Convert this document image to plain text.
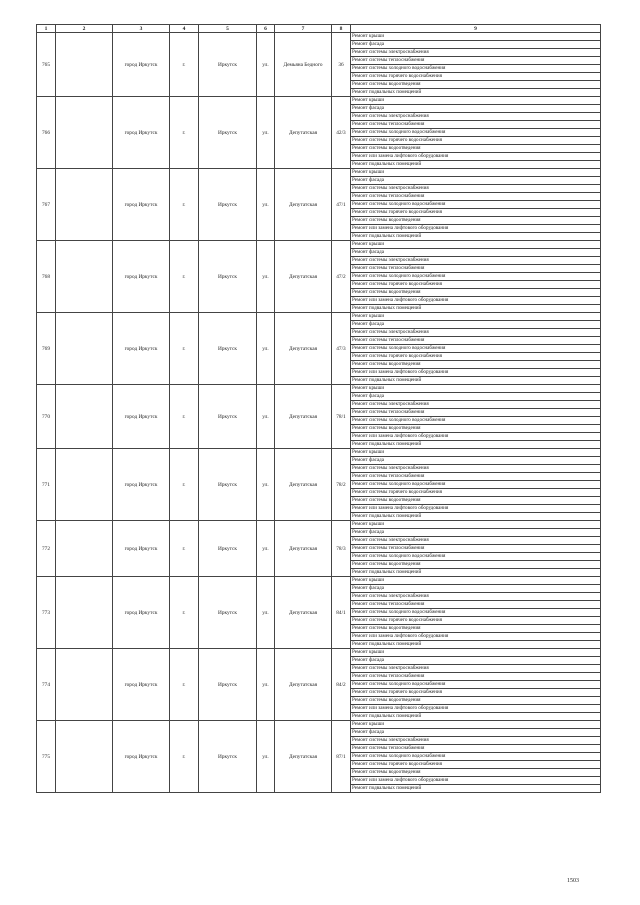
1	2	3	4	5	6	7	8	9
765		город Иркутск	г.	Иркутск	ул.	Демьяна Бедного	36	Ремонт крыши
								Ремонт фасада
								Ремонт системы электроснабжения
								Ремонт системы теплоснабжения
								Ремонт системы холодного водоснабжения
								Ремонт системы горячего водоснабжения
								Ремонт системы водоотведения
								Ремонт подвальных помещений
766		город Иркутск	г.	Иркутск	ул.	Депутатская	42/3	Ремонт крыши
								Ремонт фасада
								Ремонт системы электроснабжения
								Ремонт системы теплоснабжения
								Ремонт системы холодного водоснабжения
								Ремонт системы горячего водоснабжения
								Ремонт системы водоотведения
								Ремонт или замена лифтового оборудования
								Ремонт подвальных помещений
767		город Иркутск	г.	Иркутск	ул.	Депутатская	47/1	Ремонт крыши
								Ремонт фасада
								Ремонт системы электроснабжения
								Ремонт системы теплоснабжения
								Ремонт системы холодного водоснабжения
								Ремонт системы горячего водоснабжения
								Ремонт системы водоотведения
								Ремонт или замена лифтового оборудования
								Ремонт подвальных помещений
768		город Иркутск	г.	Иркутск	ул.	Депутатская	47/2	Ремонт крыши
								Ремонт фасада
								Ремонт системы электроснабжения
								Ремонт системы теплоснабжения
								Ремонт системы холодного водоснабжения
								Ремонт системы горячего водоснабжения
								Ремонт системы водоотведения
								Ремонт или замена лифтового оборудования
								Ремонт подвальных помещений
769		город Иркутск	г.	Иркутск	ул.	Депутатская	47/3	Ремонт крыши
								Ремонт фасада
								Ремонт системы электроснабжения
								Ремонт системы теплоснабжения
								Ремонт системы холодного водоснабжения
								Ремонт системы горячего водоснабжения
								Ремонт системы водоотведения
								Ремонт или замена лифтового оборудования
								Ремонт подвальных помещений
770		город Иркутск	г.	Иркутск	ул.	Депутатская	78/1	Ремонт крыши
								Ремонт фасада
								Ремонт системы электроснабжения
								Ремонт системы теплоснабжения
								Ремонт системы холодного водоснабжения
								Ремонт системы водоотведения
								Ремонт или замена лифтового оборудования
								Ремонт подвальных помещений
771		город Иркутск	г.	Иркутск	ул.	Депутатская	78/2	Ремонт крыши
								Ремонт фасада
								Ремонт системы электроснабжения
								Ремонт системы теплоснабжения
								Ремонт системы холодного водоснабжения
								Ремонт системы горячего водоснабжения
								Ремонт системы водоотведения
								Ремонт или замена лифтового оборудования
								Ремонт подвальных помещений
772		город Иркутск	г.	Иркутск	ул.	Депутатская	78/3	Ремонт крыши
								Ремонт фасада
								Ремонт системы электроснабжения
								Ремонт системы теплоснабжения
								Ремонт системы холодного водоснабжения
								Ремонт системы водоотведения
								Ремонт подвальных помещений
773		город Иркутск	г.	Иркутск	ул.	Депутатская	84/1	Ремонт крыши
								Ремонт фасада
								Ремонт системы электроснабжения
								Ремонт системы теплоснабжения
								Ремонт системы холодного водоснабжения
								Ремонт системы горячего водоснабжения
								Ремонт системы водоотведения
								Ремонт или замена лифтового оборудования
								Ремонт подвальных помещений
774		город Иркутск	г.	Иркутск	ул.	Депутатская	84/2	Ремонт крыши
								Ремонт фасада
								Ремонт системы электроснабжения
								Ремонт системы теплоснабжения
								Ремонт системы холодного водоснабжения
								Ремонт системы горячего водоснабжения
								Ремонт системы водоотведения
								Ремонт или замена лифтового оборудования
								Ремонт подвальных помещений
775		город Иркутск	г.	Иркутск	ул.	Депутатская	87/1	Ремонт крыши
								Ремонт фасада
								Ремонт системы электроснабжения
								Ремонт системы теплоснабжения
								Ремонт системы холодного водоснабжения
								Ремонт системы горячего водоснабжения
								Ремонт системы водоотведения
								Ремонт или замена лифтового оборудования
								Ремонт подвальных помещений
1503
